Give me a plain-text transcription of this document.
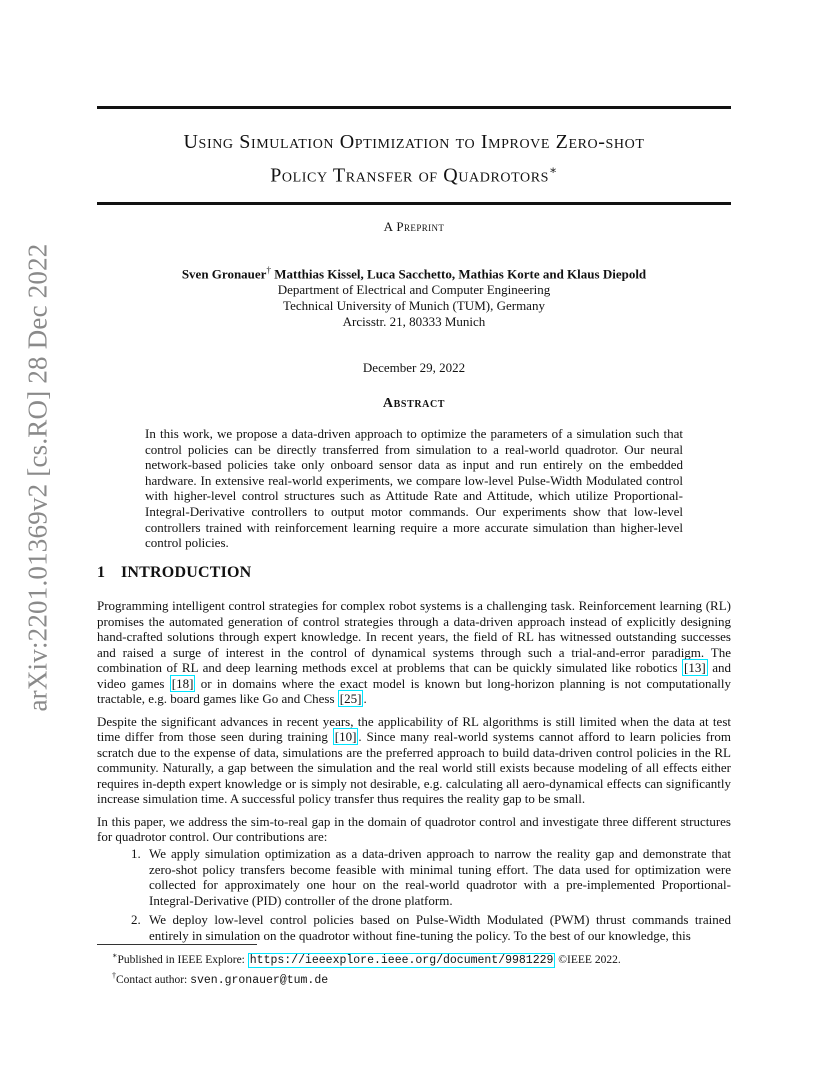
arXiv:2201.01369v2 [cs.RO] 28 Dec 2022
Using Simulation Optimization to Improve Zero-shot
Policy Transfer of Quadrotors∗
A Preprint
Sven Gronauer† Matthias Kissel, Luca Sacchetto, Mathias Korte and Klaus Diepold
Department of Electrical and Computer Engineering
Technical University of Munich (TUM), Germany
Arcisstr. 21, 80333 Munich
December 29, 2022
Abstract
In this work, we propose a data-driven approach to optimize the parameters of a simulation such that control policies can be directly transferred from simulation to a real-world quadrotor. Our neural network-based policies take only onboard sensor data as input and run entirely on the embedded hardware. In extensive real-world experiments, we compare low-level Pulse-Width Modulated control with higher-level control structures such as Attitude Rate and Attitude, which utilize Proportional-Integral-Derivative controllers to output motor commands. Our experiments show that low-level controllers trained with reinforcement learning require a more accurate simulation than higher-level control policies.
1 INTRODUCTION

Programming intelligent control strategies for complex robot systems is a challenging task. Reinforcement learning (RL) promises the automated generation of control strategies through a data-driven approach instead of explicitly designing hand-crafted solutions through expert knowledge. In recent years, the field of RL has witnessed outstanding successes and raised a surge of interest in the control of dynamical systems through such a trial-and-error paradigm. The combination of RL and deep learning methods excel at problems that can be quickly simulated like robotics [13] and video games [18] or in domains where the exact model is known but long-horizon planning is not computationally tractable, e.g. board games like Go and Chess [25] .

Despite the significant advances in recent years, the applicability of RL algorithms is still limited when the data at test time differ from those seen during training [10] . Since many real-world systems cannot afford to learn policies from scratch due to the expense of data, simulations are the preferred approach to build data-driven control policies in the RL community. Naturally, a gap between the simulation and the real world still exists because modeling of all effects either requires in-depth expert knowledge or is simply not desirable, e.g. calculating all aero-dynamical effects can significantly increase simulation time. A successful policy transfer thus requires the reality gap to be small.

In this paper, we address the sim-to-real gap in the domain of quadrotor control and investigate three different structures for quadrotor control. Our contributions are:

1. We apply simulation optimization as a data-driven approach to narrow the reality gap and demonstrate that zero-shot policy transfers become feasible with minimal tuning effort. The data used for optimization were collected for approximately one hour on the real-world quadrotor with a pre-implemented Proportional-Integral-Derivative (PID) controller of the drone platform.
2. We deploy low-level control policies based on Pulse-Width Modulated (PWM) thrust commands trained entirely in simulation on the quadrotor without fine-tuning the policy. To the best of our knowledge, this
∗Published in IEEE Explore: https://ieeexplore.ieee.org/document/9981229 ©IEEE 2022.
†Contact author: sven.gronauer@tum.de
